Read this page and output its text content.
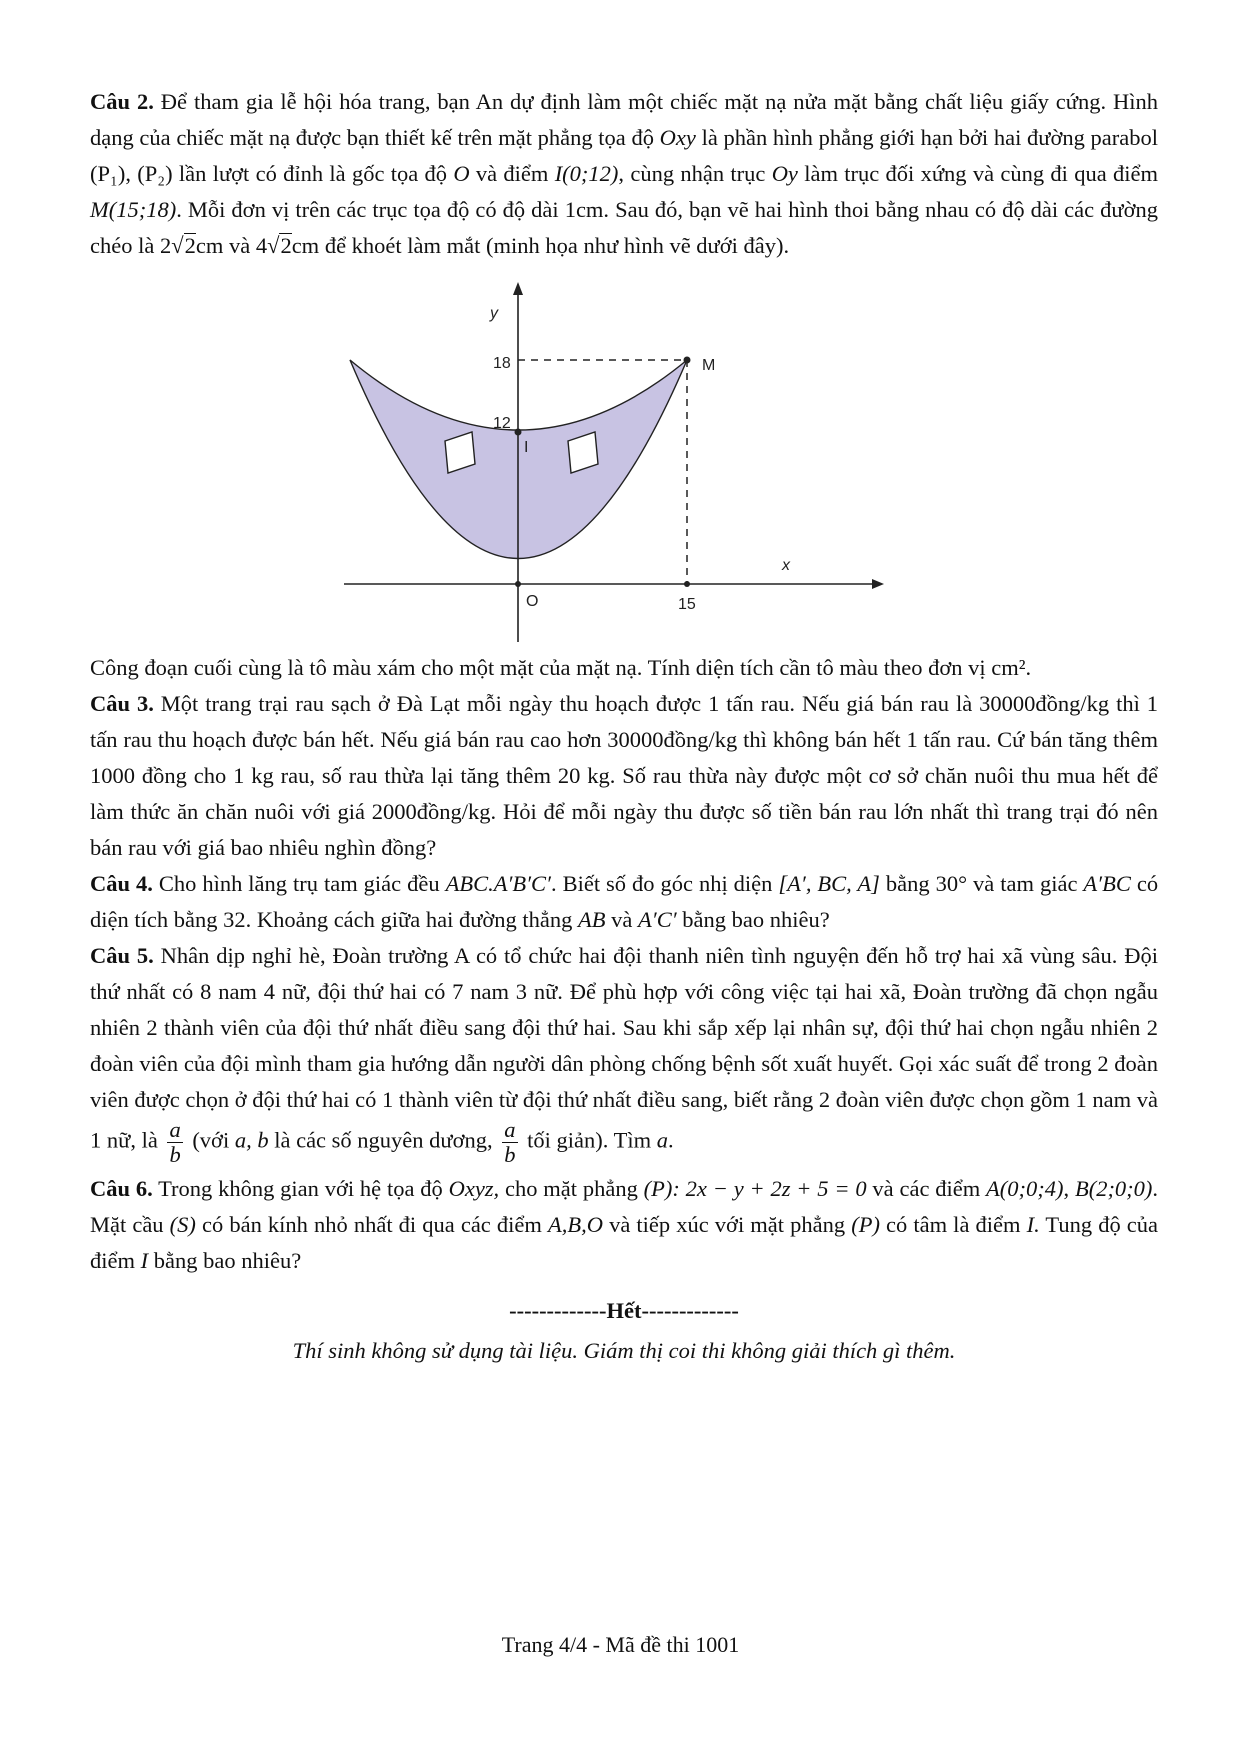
Câu 2. Để tham gia lễ hội hóa trang, bạn An dự định làm một chiếc mặt nạ nửa mặt bằng chất liệu giấy cứng. Hình dạng của chiếc mặt nạ được bạn thiết kế trên mặt phẳng tọa độ Oxy là phần hình phẳng giới hạn bởi hai đường parabol (P₁), (P₂) lần lượt có đỉnh là gốc tọa độ O và điểm I(0;12), cùng nhận trục Oy làm trục đối xứng và cùng đi qua điểm M(15;18). Mỗi đơn vị trên các trục tọa độ có độ dài 1cm. Sau đó, bạn vẽ hai hình thoi bằng nhau có độ dài các đường chéo là 2√2cm và 4√2cm để khoét làm mắt (minh họa như hình vẽ dưới đây).

y
x
18
12
I
M
O	15

Công đoạn cuối cùng là tô màu xám cho một mặt của mặt nạ. Tính diện tích cần tô màu theo đơn vị cm².

Câu 3. Một trang trại rau sạch ở Đà Lạt mỗi ngày thu hoạch được 1 tấn rau. Nếu giá bán rau là 30000đồng/kg thì 1 tấn rau thu hoạch được bán hết. Nếu giá bán rau cao hơn 30000đồng/kg thì không bán hết 1 tấn rau. Cứ bán tăng thêm 1000 đồng cho 1 kg rau, số rau thừa lại tăng thêm 20 kg. Số rau thừa này được một cơ sở chăn nuôi thu mua hết để làm thức ăn chăn nuôi với giá 2000đồng/kg. Hỏi để mỗi ngày thu được số tiền bán rau lớn nhất thì trang trại đó nên bán rau với giá bao nhiêu nghìn đồng?

Câu 4. Cho hình lăng trụ tam giác đều ABC.A′B′C′. Biết số đo góc nhị diện [A′, BC, A] bằng 30° và tam giác A′BC có diện tích bằng 32. Khoảng cách giữa hai đường thẳng AB và A′C′ bằng bao nhiêu?

Câu 5. Nhân dịp nghỉ hè, Đoàn trường A có tổ chức hai đội thanh niên tình nguyện đến hỗ trợ hai xã vùng sâu. Đội thứ nhất có 8 nam 4 nữ, đội thứ hai có 7 nam 3 nữ. Để phù hợp với công việc tại hai xã, Đoàn trường đã chọn ngẫu nhiên 2 thành viên của đội thứ nhất điều sang đội thứ hai. Sau khi sắp xếp lại nhân sự, đội thứ hai chọn ngẫu nhiên 2 đoàn viên của đội mình tham gia hướng dẫn người dân phòng chống bệnh sốt xuất huyết. Gọi xác suất để trong 2 đoàn viên được chọn ở đội thứ hai có 1 thành viên từ đội thứ nhất điều sang, biết rằng 2 đoàn viên được chọn gồm 1 nam và 1 nữ, là $\frac{a}{b}$ (với a, b là các số nguyên dương, $\frac{a}{b}$ tối giản). Tìm a.

Câu 6. Trong không gian với hệ tọa độ Oxyz, cho mặt phẳng (P): 2x − y + 2z + 5 = 0 và các điểm A(0;0;4), B(2;0;0). Mặt cầu (S) có bán kính nhỏ nhất đi qua các điểm A,B,O và tiếp xúc với mặt phẳng (P) có tâm là điểm I. Tung độ của điểm I bằng bao nhiêu?

-------------Hết-------------

Thí sinh không sử dụng tài liệu. Giám thị coi thi không giải thích gì thêm.

Trang 4/4 - Mã đề thi 1001
